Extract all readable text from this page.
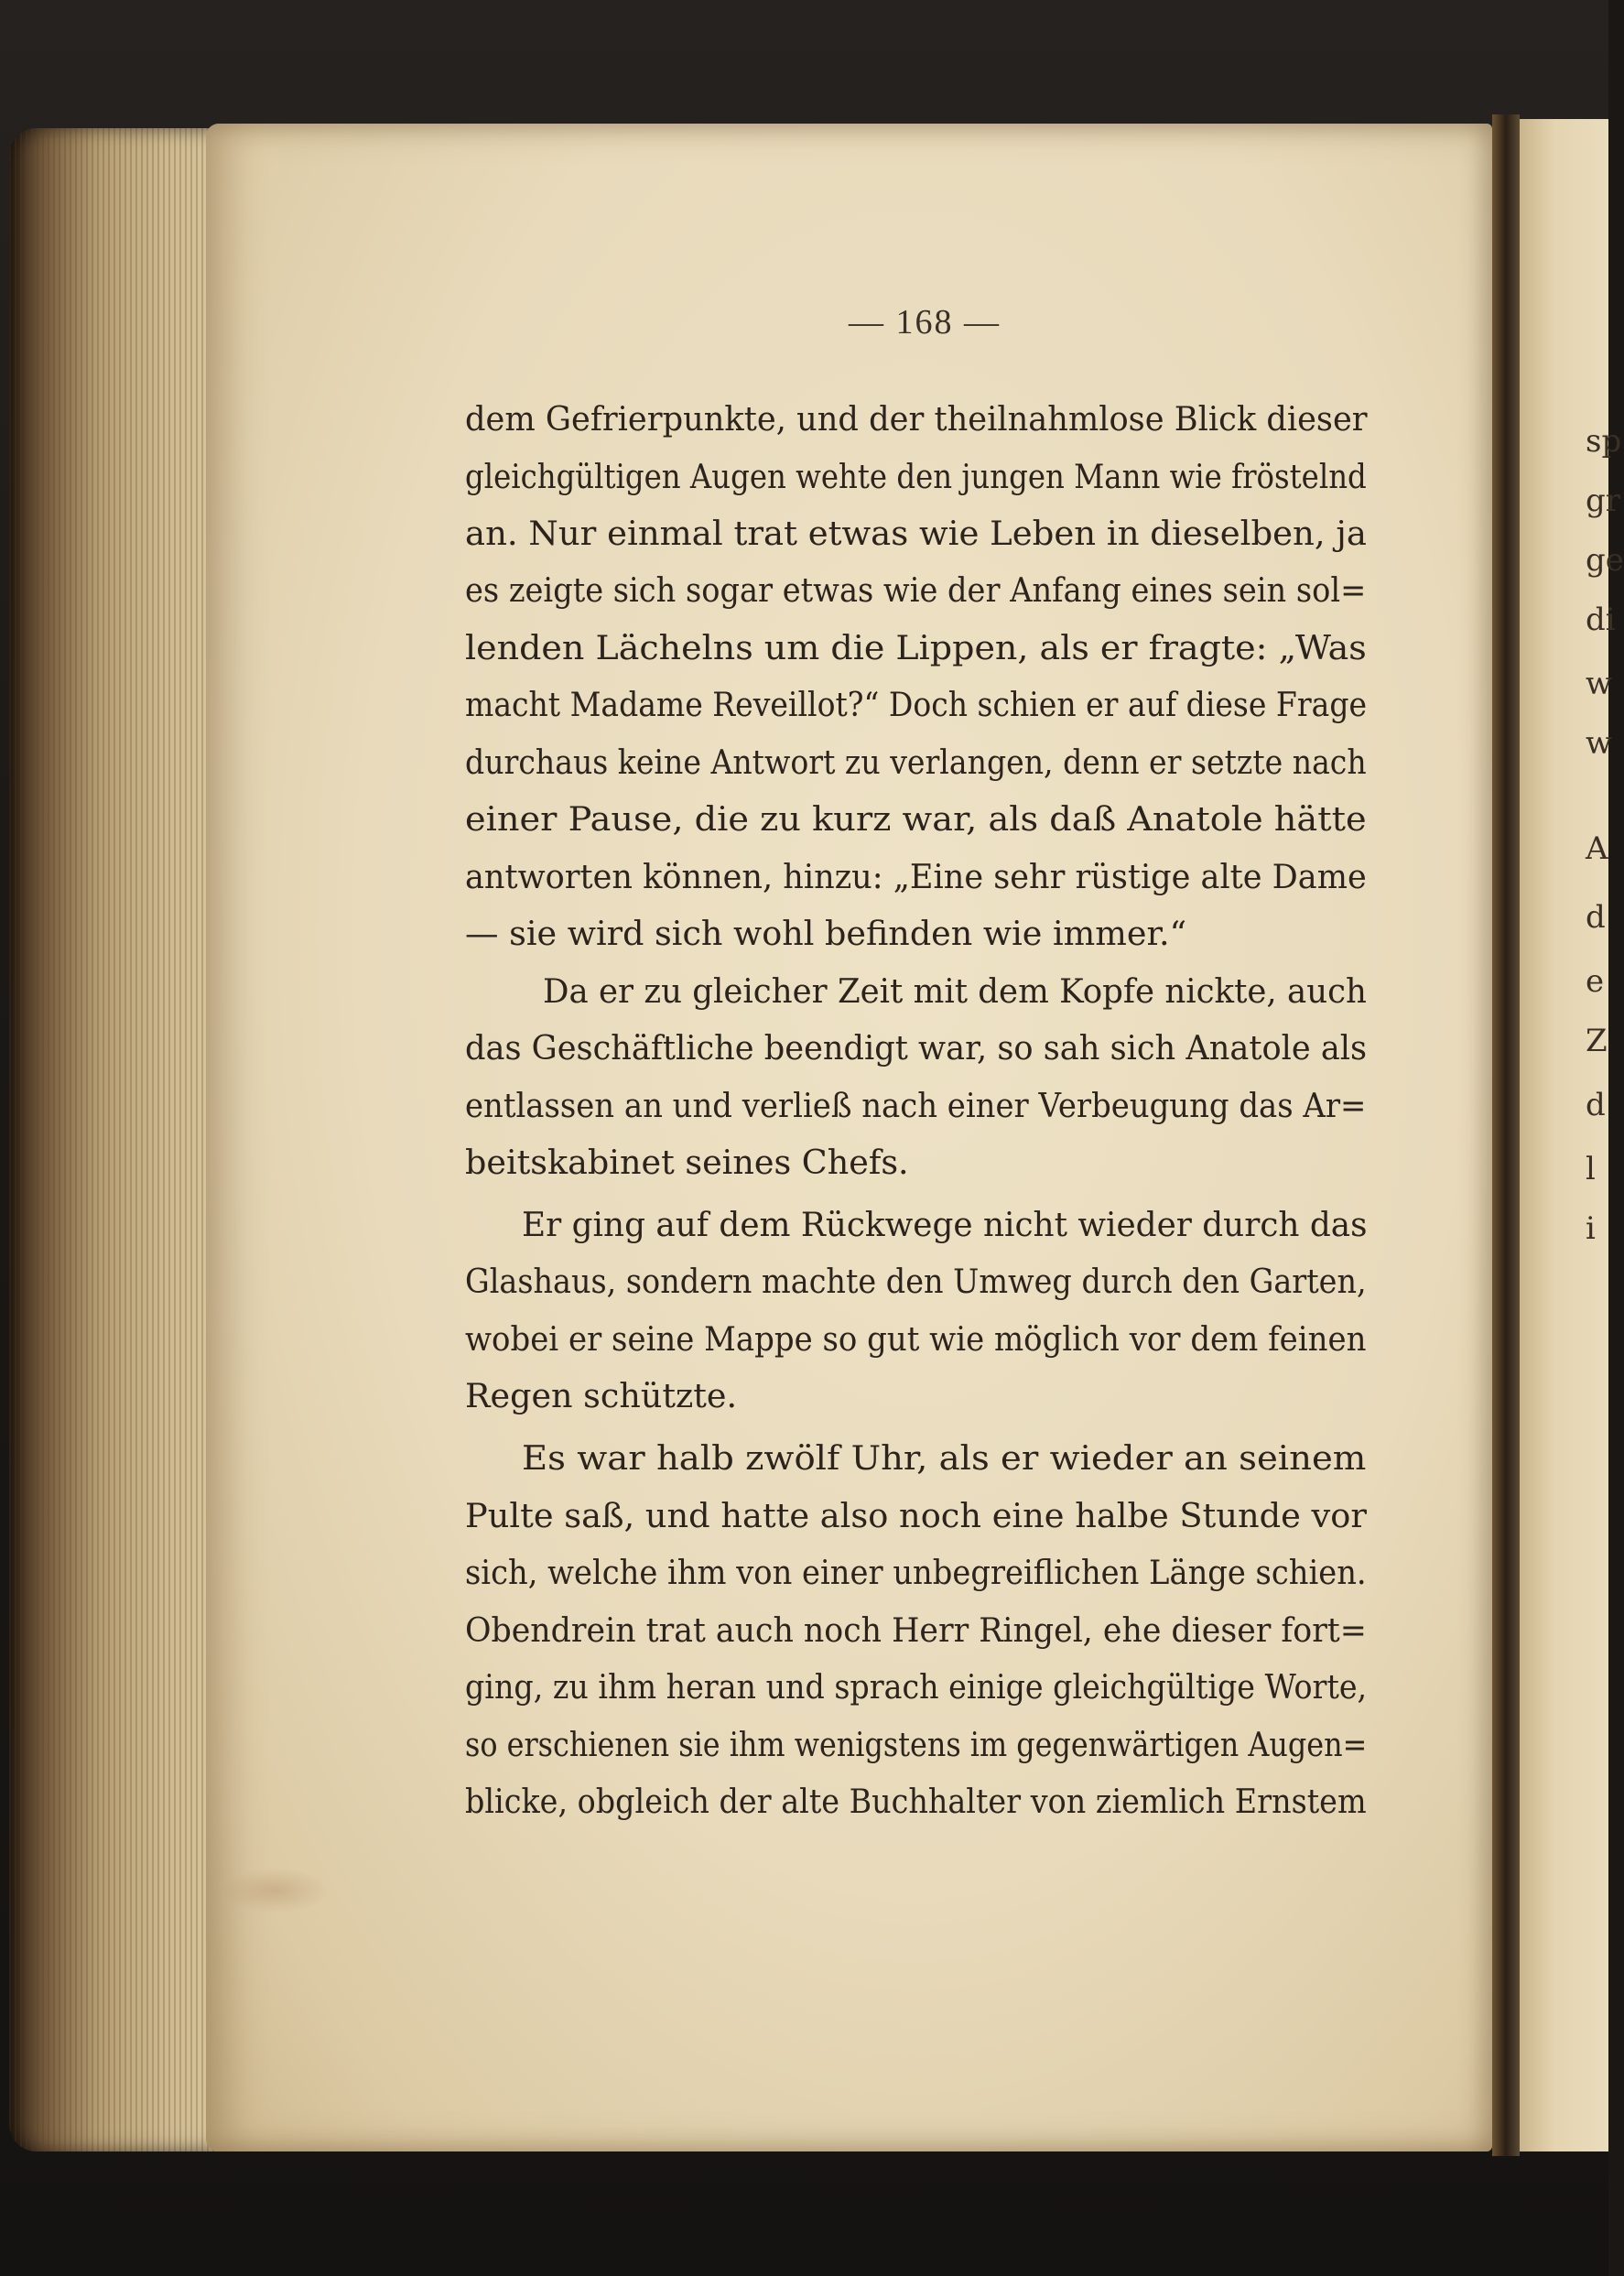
sp
gr
ge
di
w
w
A
d
e
Z
d
l
i
— 168 —
dem Gefrierpunkte, und der theilnahmlose Blick dieser
gleichgültigen Augen wehte den jungen Mann wie fröstelnd
an. Nur einmal trat etwas wie Leben in dieselben, ja
es zeigte sich sogar etwas wie der Anfang eines sein sol=
lenden Lächelns um die Lippen, als er fragte: „Was
macht Madame Reveillot?“ Doch schien er auf diese Frage
durchaus keine Antwort zu verlangen, denn er setzte nach
einer Pause, die zu kurz war, als daß Anatole hätte
antworten können, hinzu: „Eine sehr rüstige alte Dame
— sie wird sich wohl befinden wie immer.“
Da er zu gleicher Zeit mit dem Kopfe nickte, auch
das Geschäftliche beendigt war, so sah sich Anatole als
entlassen an und verließ nach einer Verbeugung das Ar=
beitskabinet seines Chefs.
Er ging auf dem Rückwege nicht wieder durch das
Glashaus, sondern machte den Umweg durch den Garten,
wobei er seine Mappe so gut wie möglich vor dem feinen
Regen schützte.
Es war halb zwölf Uhr, als er wieder an seinem
Pulte saß, und hatte also noch eine halbe Stunde vor
sich, welche ihm von einer unbegreiflichen Länge schien.
Obendrein trat auch noch Herr Ringel, ehe dieser fort=
ging, zu ihm heran und sprach einige gleichgültige Worte,
so erschienen sie ihm wenigstens im gegenwärtigen Augen=
blicke, obgleich der alte Buchhalter von ziemlich Ernstem
